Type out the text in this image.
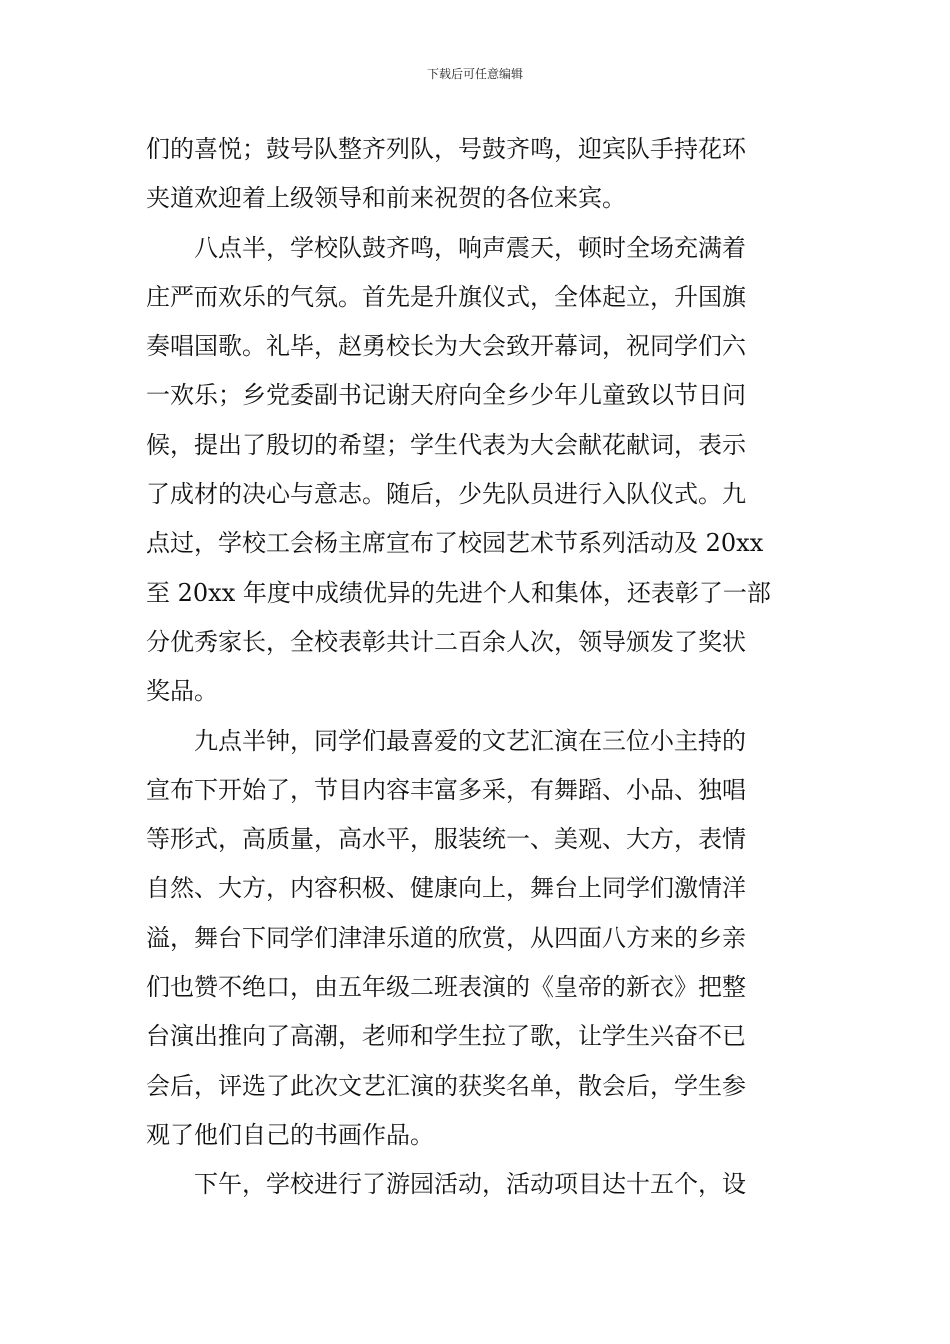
下载后可任意编辑
们的喜悦；鼓号队整齐列队，号鼓齐鸣，迎宾队手持花环
夹道欢迎着上级领导和前来祝贺的各位来宾。
八点半，学校队鼓齐鸣，响声震天，顿时全场充满着
庄严而欢乐的气氛。首先是升旗仪式，全体起立，升国旗
奏唱国歌。礼毕，赵勇校长为大会致开幕词，祝同学们六
一欢乐；乡党委副书记谢天府向全乡少年儿童致以节日问
候，提出了殷切的希望；学生代表为大会献花献词，表示
了成材的决心与意志。随后，少先队员进行入队仪式。九
点过，学校工会杨主席宣布了校园艺术节系列活动及 20xx
至 20xx 年度中成绩优异的先进个人和集体，还表彰了一部
分优秀家长，全校表彰共计二百余人次，领导颁发了奖状
奖品。
九点半钟，同学们最喜爱的文艺汇演在三位小主持的
宣布下开始了，节目内容丰富多采，有舞蹈、小品、独唱
等形式，高质量，高水平，服装统一、美观、大方，表情
自然、大方，内容积极、健康向上，舞台上同学们激情洋
溢，舞台下同学们津津乐道的欣赏，从四面八方来的乡亲
们也赞不绝口，由五年级二班表演的《皇帝的新衣》把整
台演出推向了高潮，老师和学生拉了歌，让学生兴奋不已
会后，评选了此次文艺汇演的获奖名单，散会后，学生参
观了他们自己的书画作品。
下午，学校进行了游园活动，活动项目达十五个，设
